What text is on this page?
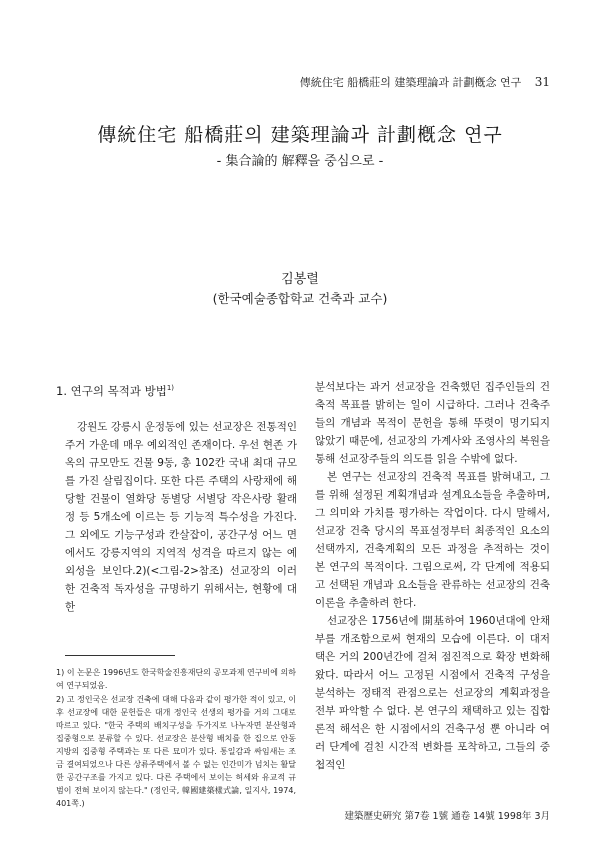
傳統住宅 船橋莊의 建築理論과 計劃槪念 연구 31
傳統住宅 船橋莊의 建築理論과 計劃槪念 연구
- 集合論的 解釋을 중심으로 -
김봉렬
(한국예술종합학교 건축과 교수)
1. 연구의 목적과 방법$^{1)}$

강원도 강릉시 운정동에 있는 선교장은 전통적인 주거 가운데 매우 예외적인 존재이다. 우선 현존 가옥의 규모만도 건물 9동, 총 102칸 국내 최대 규모를 가진 살림집이다. 또한 다른 주택의 사랑채에 해당할 건물이 열화당 동별당 서별당 작은사랑 활래정 등 5개소에 이르는 등 기능적 특수성을 가진다. 그 외에도 기능구성과 칸살잡이, 공간구성 어느 면에서도 강릉지역의 지역적 성격을 따르지 않는 예외성을 보인다.2)(<그림-2>참조) 선교장의 이러한 건축적 독자성을 규명하기 위해서는, 현황에 대한

분석보다는 과거 선교장을 건축했던 집주인들의 건축적 목표를 밝히는 일이 시급하다. 그러나 건축주들의 개념과 목적이 문헌을 통해 뚜렷이 명기되지 않았기 때문에, 선교장의 가계사와 조영사의 복원을 통해 선교장주들의 의도를 읽을 수밖에 없다.

본 연구는 선교장의 건축적 목표를 밝혀내고, 그를 위해 설정된 계획개념과 설계요소들을 추출하며, 그 의미와 가치를 평가하는 작업이다. 다시 말해서, 선교장 건축 당시의 목표설정부터 최종적인 요소의 선택까지, 건축계획의 모든 과정을 추적하는 것이 본 연구의 목적이다. 그림으로써, 각 단계에 적용되고 선택된 개념과 요소들을 관류하는 선교장의 건축이론을 추출하려 한다.

선교장은 1756년에 開基하여 1960년대에 안채부를 개조함으로써 현재의 모습에 이른다. 이 대저택은 거의 200년간에 걸쳐 점진적으로 확장 변화해 왔다. 따라서 어느 고정된 시점에서 건축적 구성을 분석하는 정태적 관점으로는 선교장의 계획과정을 전부 파악할 수 없다. 본 연구의 채택하고 있는 집합론적 해석은 한 시점에서의 건축구성 뿐 아니라 여러 단계에 걸친 시간적 변화를 포착하고, 그들의 중첩적인

1) 이 논문은 1996년도 한국학술진흥재단의 공모과제 연구비에 의하여 연구되었음.

2) 고 정인국은 선교장 건축에 대해 다음과 같이 평가한 적이 있고, 이후 선교장에 대한 문헌들은 대개 정인국 선생의 평가를 거의 그대로 따르고 있다. "한국 주택의 배치구성을 두가지로 나누자면 분산형과 집중형으로 분류할 수 있다. 선교장은 분산형 배치를 한 집으로 안동지방의 집중형 주택과는 또 다른 묘미가 있다. 통일감과 싸임새는 조금 결여되었으나 다른 상류주택에서 볼 수 없는 인간미가 넘치는 활달한 공간구조를 가지고 있다. 다른 주택에서 보이는 허세와 유교적 규범이 전혀 보이지 않는다." (정인국, 韓國建築樣式論, 일지사, 1974, 401쪽.)

建築歷史硏究 第7卷 1號 通卷 14號 1998年 3月
